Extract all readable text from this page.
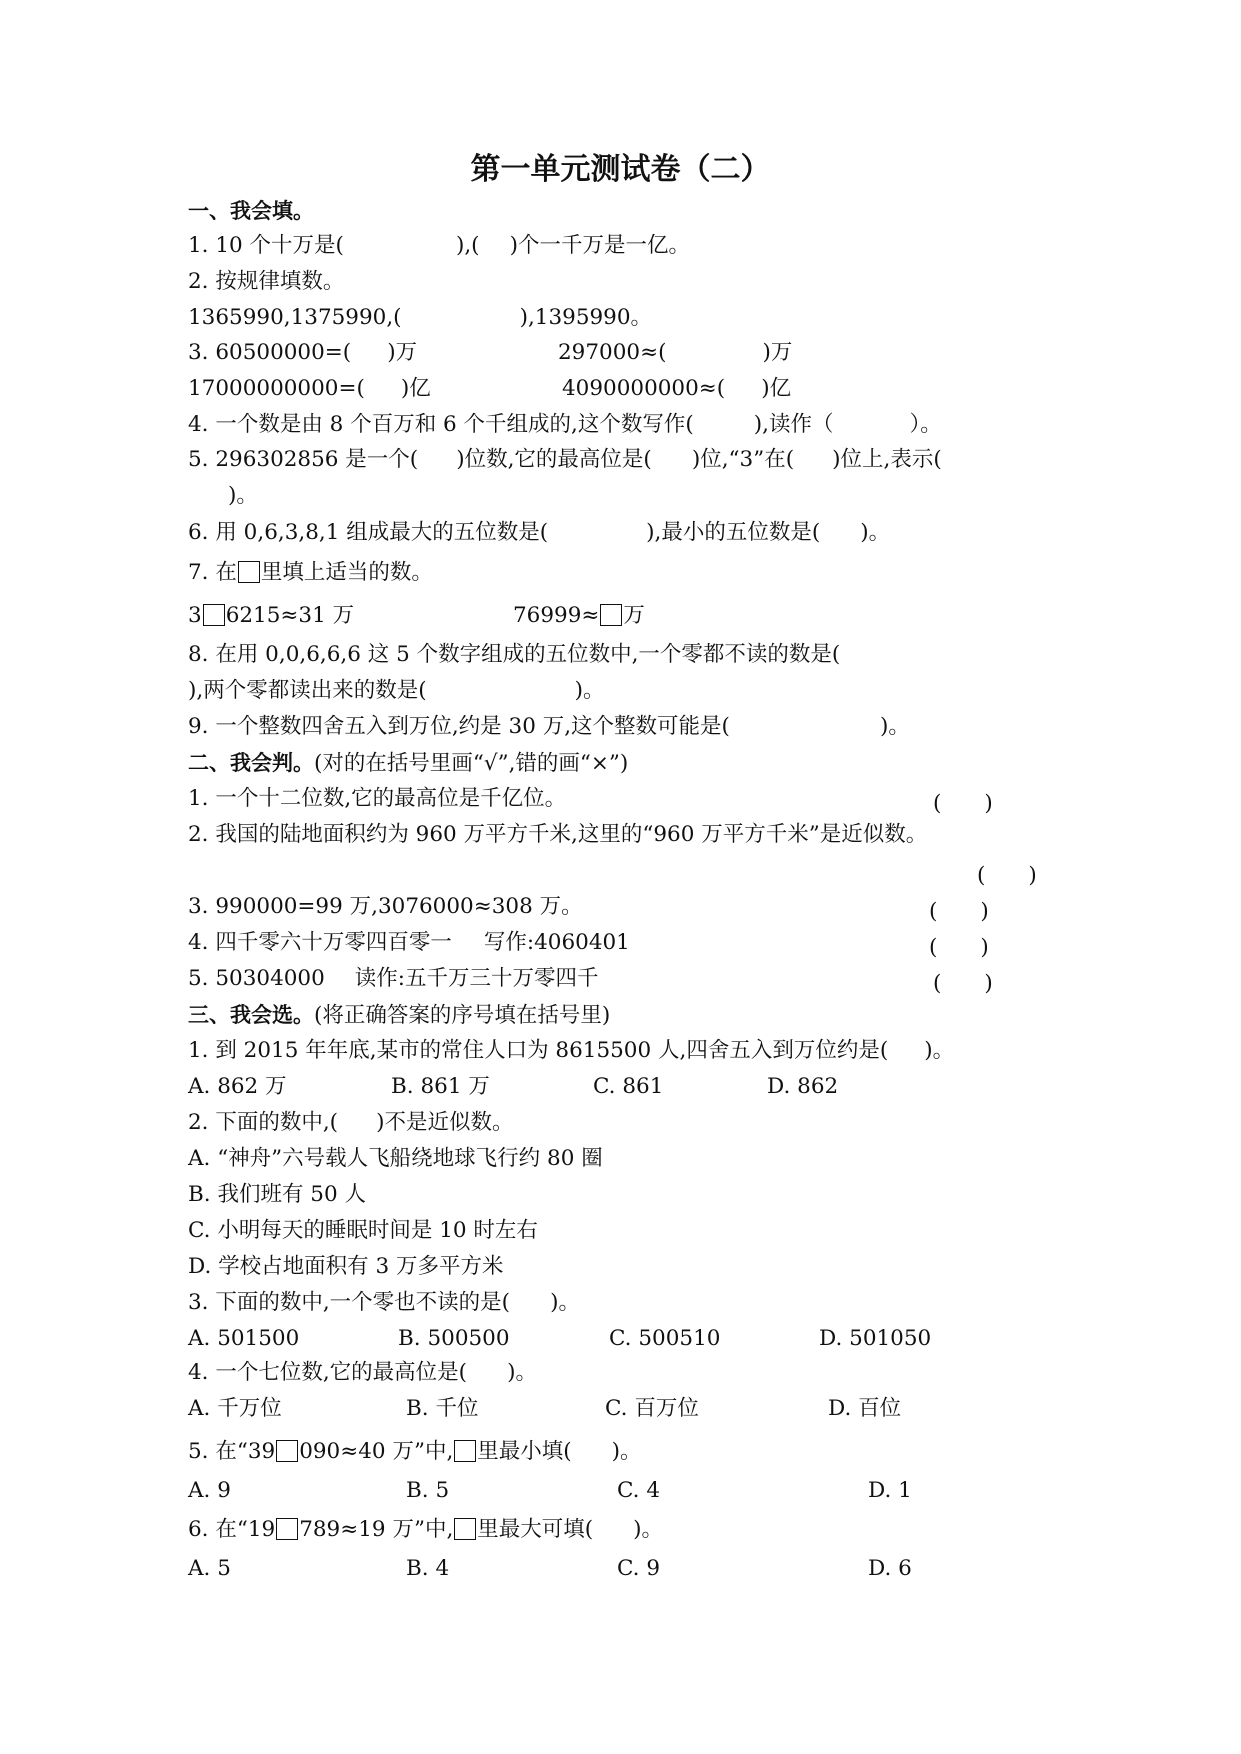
第一单元测试卷（二）
一、我会填。
1. 10 个十万是(	),( )个一千万是一亿。
2. 按规律填数。
1365990,1375990,(	),1395990。
3. 60500000=( )万	297000≈(	)万
17000000000=( )亿	4090000000≈( )亿
4. 一个数是由 8 个百万和 6 个千组成的,这个数写作(	),读作（	）。
5. 296302856 是一个( )位数,它的最高位是( )位,“3”在( )位上,表示(
)。
6. 用 0,6,3,8,1 组成最大的五位数是(	),最小的五位数是( )。
7. 在 里填上适当的数。
3 6215≈31 万	76999≈ 万
8. 在用 0,0,6,6,6 这 5 个数字组成的五位数中,一个零都不读的数是(
),两个零都读出来的数是(	)。
9. 一个整数四舍五入到万位,约是 30 万,这个整数可能是(	)。
二、我会判。(对的在括号里画“√”,错的画“×”)
1. 一个十二位数,它的最高位是千亿位。	(　　)
2. 我国的陆地面积约为 960 万平方千米,这里的“960 万平方千米”是近似数。
(　　)
3. 990000=99 万,3076000≈308 万。	(　　)
4. 四千零六十万零四百零一 写作:4060401	(　　)
5. 50304000 读作:五千万三十万零四千	(　　)
三、我会选。(将正确答案的序号填在括号里)
1. 到 2015 年年底,某市的常住人口为 8615500 人,四舍五入到万位约是( )。
A. 862 万	B. 861 万	C. 861	D. 862
2. 下面的数中,( )不是近似数。
A. “神舟”六号载人飞船绕地球飞行约 80 圈
B. 我们班有 50 人
C. 小明每天的睡眠时间是 10 时左右
D. 学校占地面积有 3 万多平方米
3. 下面的数中,一个零也不读的是( )。
A. 501500	B. 500500	C. 500510	D. 501050
4. 一个七位数,它的最高位是( )。
A. 千万位	B. 千位	C. 百万位	D. 百位
5. 在“39 090≈40 万”中, 里最小填( )。
A. 9	B. 5	C. 4	D. 1
6. 在“19 789≈19 万”中, 里最大可填( )。
A. 5	B. 4	C. 9	D. 6
